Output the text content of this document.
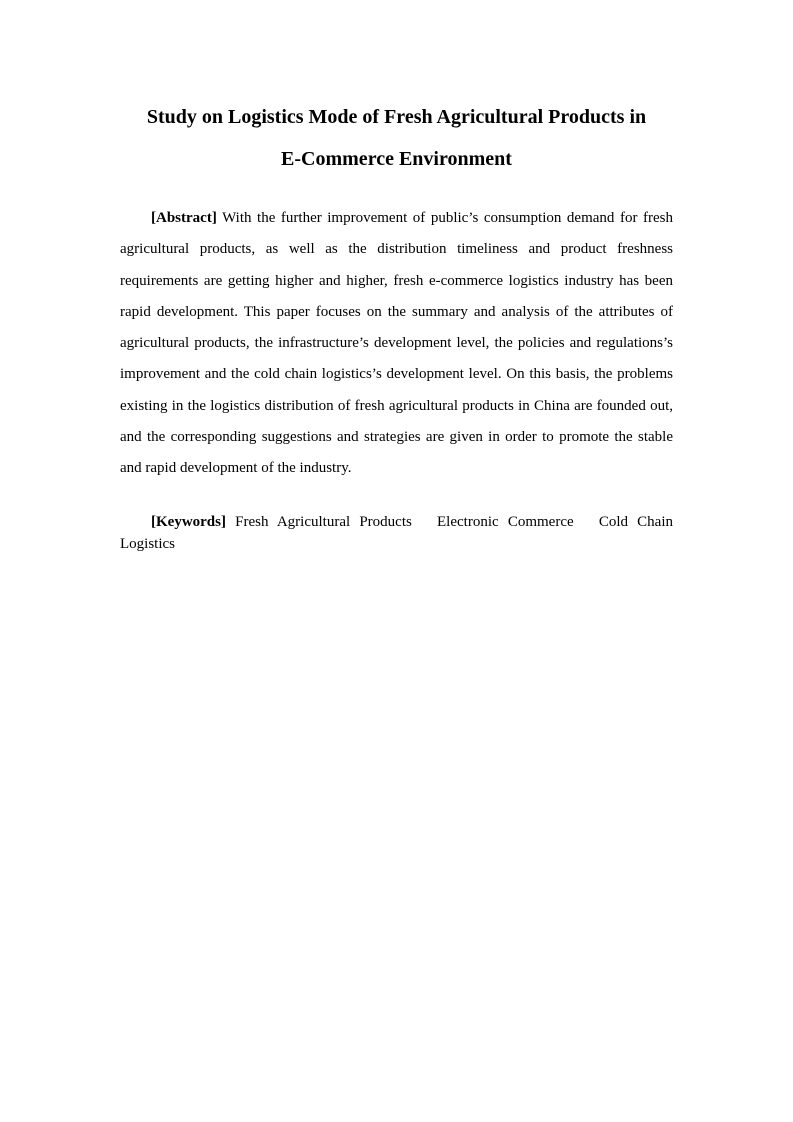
Study on Logistics Mode of Fresh Agricultural Products in
E-Commerce Environment

[Abstract] With the further improvement of public’s consumption demand for fresh agricultural products, as well as the distribution timeliness and product freshness requirements are getting higher and higher, fresh e-commerce logistics industry has been rapid development. This paper focuses on the summary and analysis of the attributes of agricultural products, the infrastructure’s development level, the policies and regulations’s improvement and the cold chain logistics’s development level. On this basis, the problems existing in the logistics distribution of fresh agricultural products in China are founded out, and the corresponding suggestions and strategies are given in order to promote the stable and rapid development of the industry.

[Keywords] Fresh Agricultural Products Electronic Commerce Cold Chain Logistics
